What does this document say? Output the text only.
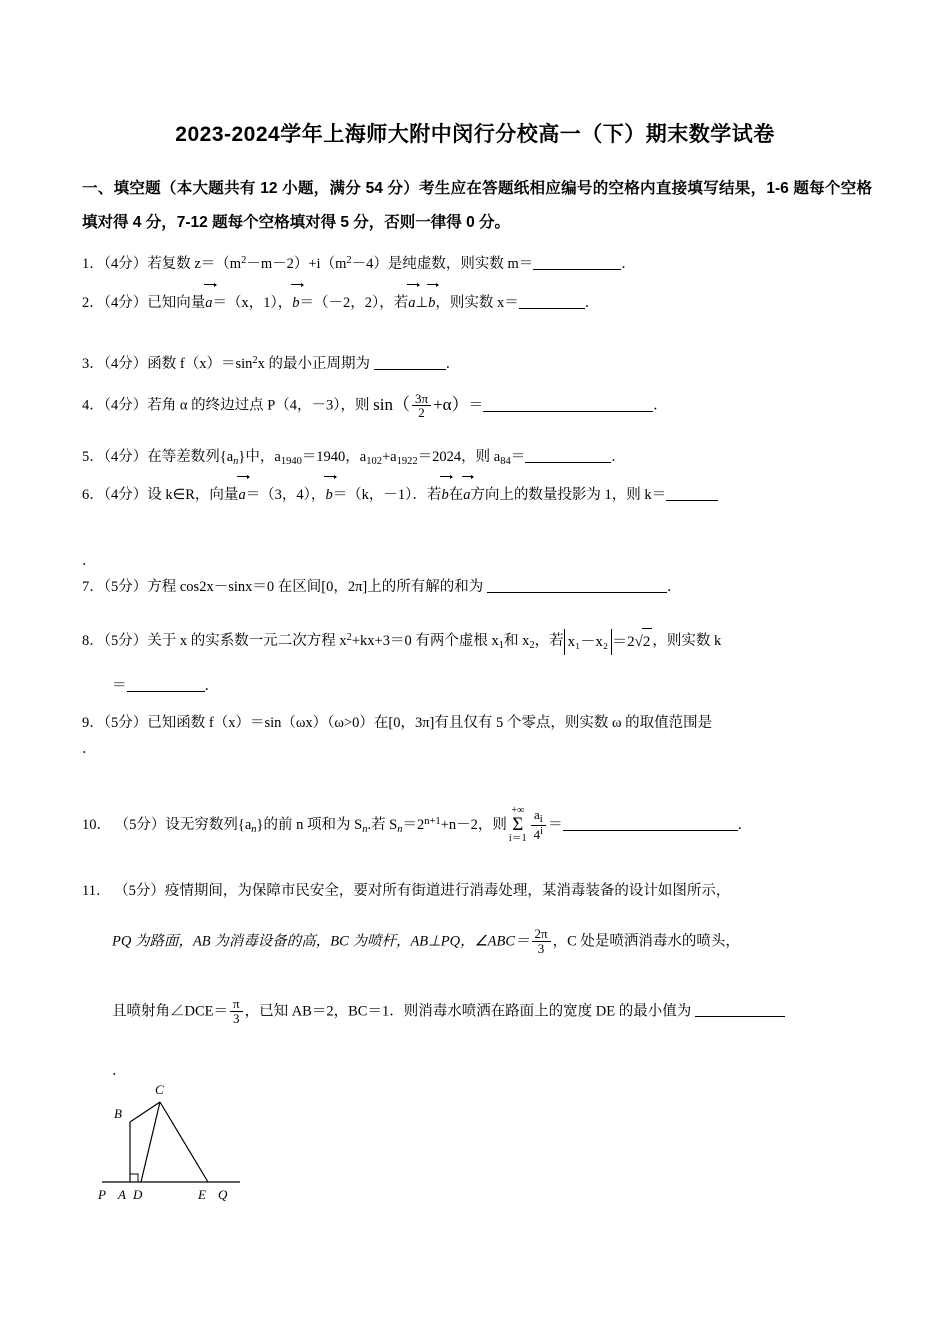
2023-2024学年上海师大附中闵行分校高一（下）期末数学试卷
一、填空题（本大题共有 12 小题，满分 54 分）考生应在答题纸相应编号的空格内直接填写结果，1-6 题每个空格填对得 4 分，7-12 题每个空格填对得 5 分，否则一律得 0 分。
1．（4分）若复数 $z=(m^2-m-2)+i(m^2-4)$是纯虚数，则实数 m＝	．
2．（4分）已知向量a＝（x，1），b＝（－2，2），若a⊥b，则实数 x＝	．
3．（4分）函数 $f(x)=\sin^2x$ 的最小正周期为	．
4．（4分）若角 α 的终边过点 P（4，－3），则 $\sin( \frac{3\pi}{2} +\alpha)=$	．
5．（4分）在等差数列$\{a_n\}$中，$a_{1940}=1940$，$a_{102}+a_{1922}=2024$，则 $a_{84}=$	．
6．（4分）设 k∈R，向量a＝（3，4），b＝（k，－1）．若b在a方向上的数量投影为 1，则 k＝
．
7．（5分）方程 cos2x－sinx＝0 在区间[0，2π]上的所有解的和为	．
8．（5分）关于 x 的实系数一元二次方程 $x^2+kx+3=0$ 有两个虚根 $x_1$和 $x_2$，若 x₁－x₂ ＝2√2 ，则实数 k
＝	．
9．（5分）已知函数 f（x）＝sin（ωx）（ω>0）在[0，3π]有且仅有 5 个零点，则实数 ω 的取值范围是
．
10． （5分）设无穷数列$\{a_n\}$的前 n 项和为 $S_n$.若 $S_n=2^{n+1}+n-2$，则
+∞
Σ
$i=1 \frac{a_i}{4^i}$ ＝	．
11． （5分）疫情期间，为保障市民安全，要对所有街道进行消毒处理，某消毒装备的设计如图所示，
PQ 为路面，AB 为消毒设备的高，BC 为喷杆，AB⊥PQ，∠ABC＝ $\frac{2\pi}{3}$ ，C 处是喷洒消毒水的喷头，
且喷射角∠DCE＝ $\frac{\pi}{3}$ ，已知 AB＝2，BC＝1．则消毒水喷洒在路面上的宽度 DE 的最小值为
．
C
B
P A D	E Q
